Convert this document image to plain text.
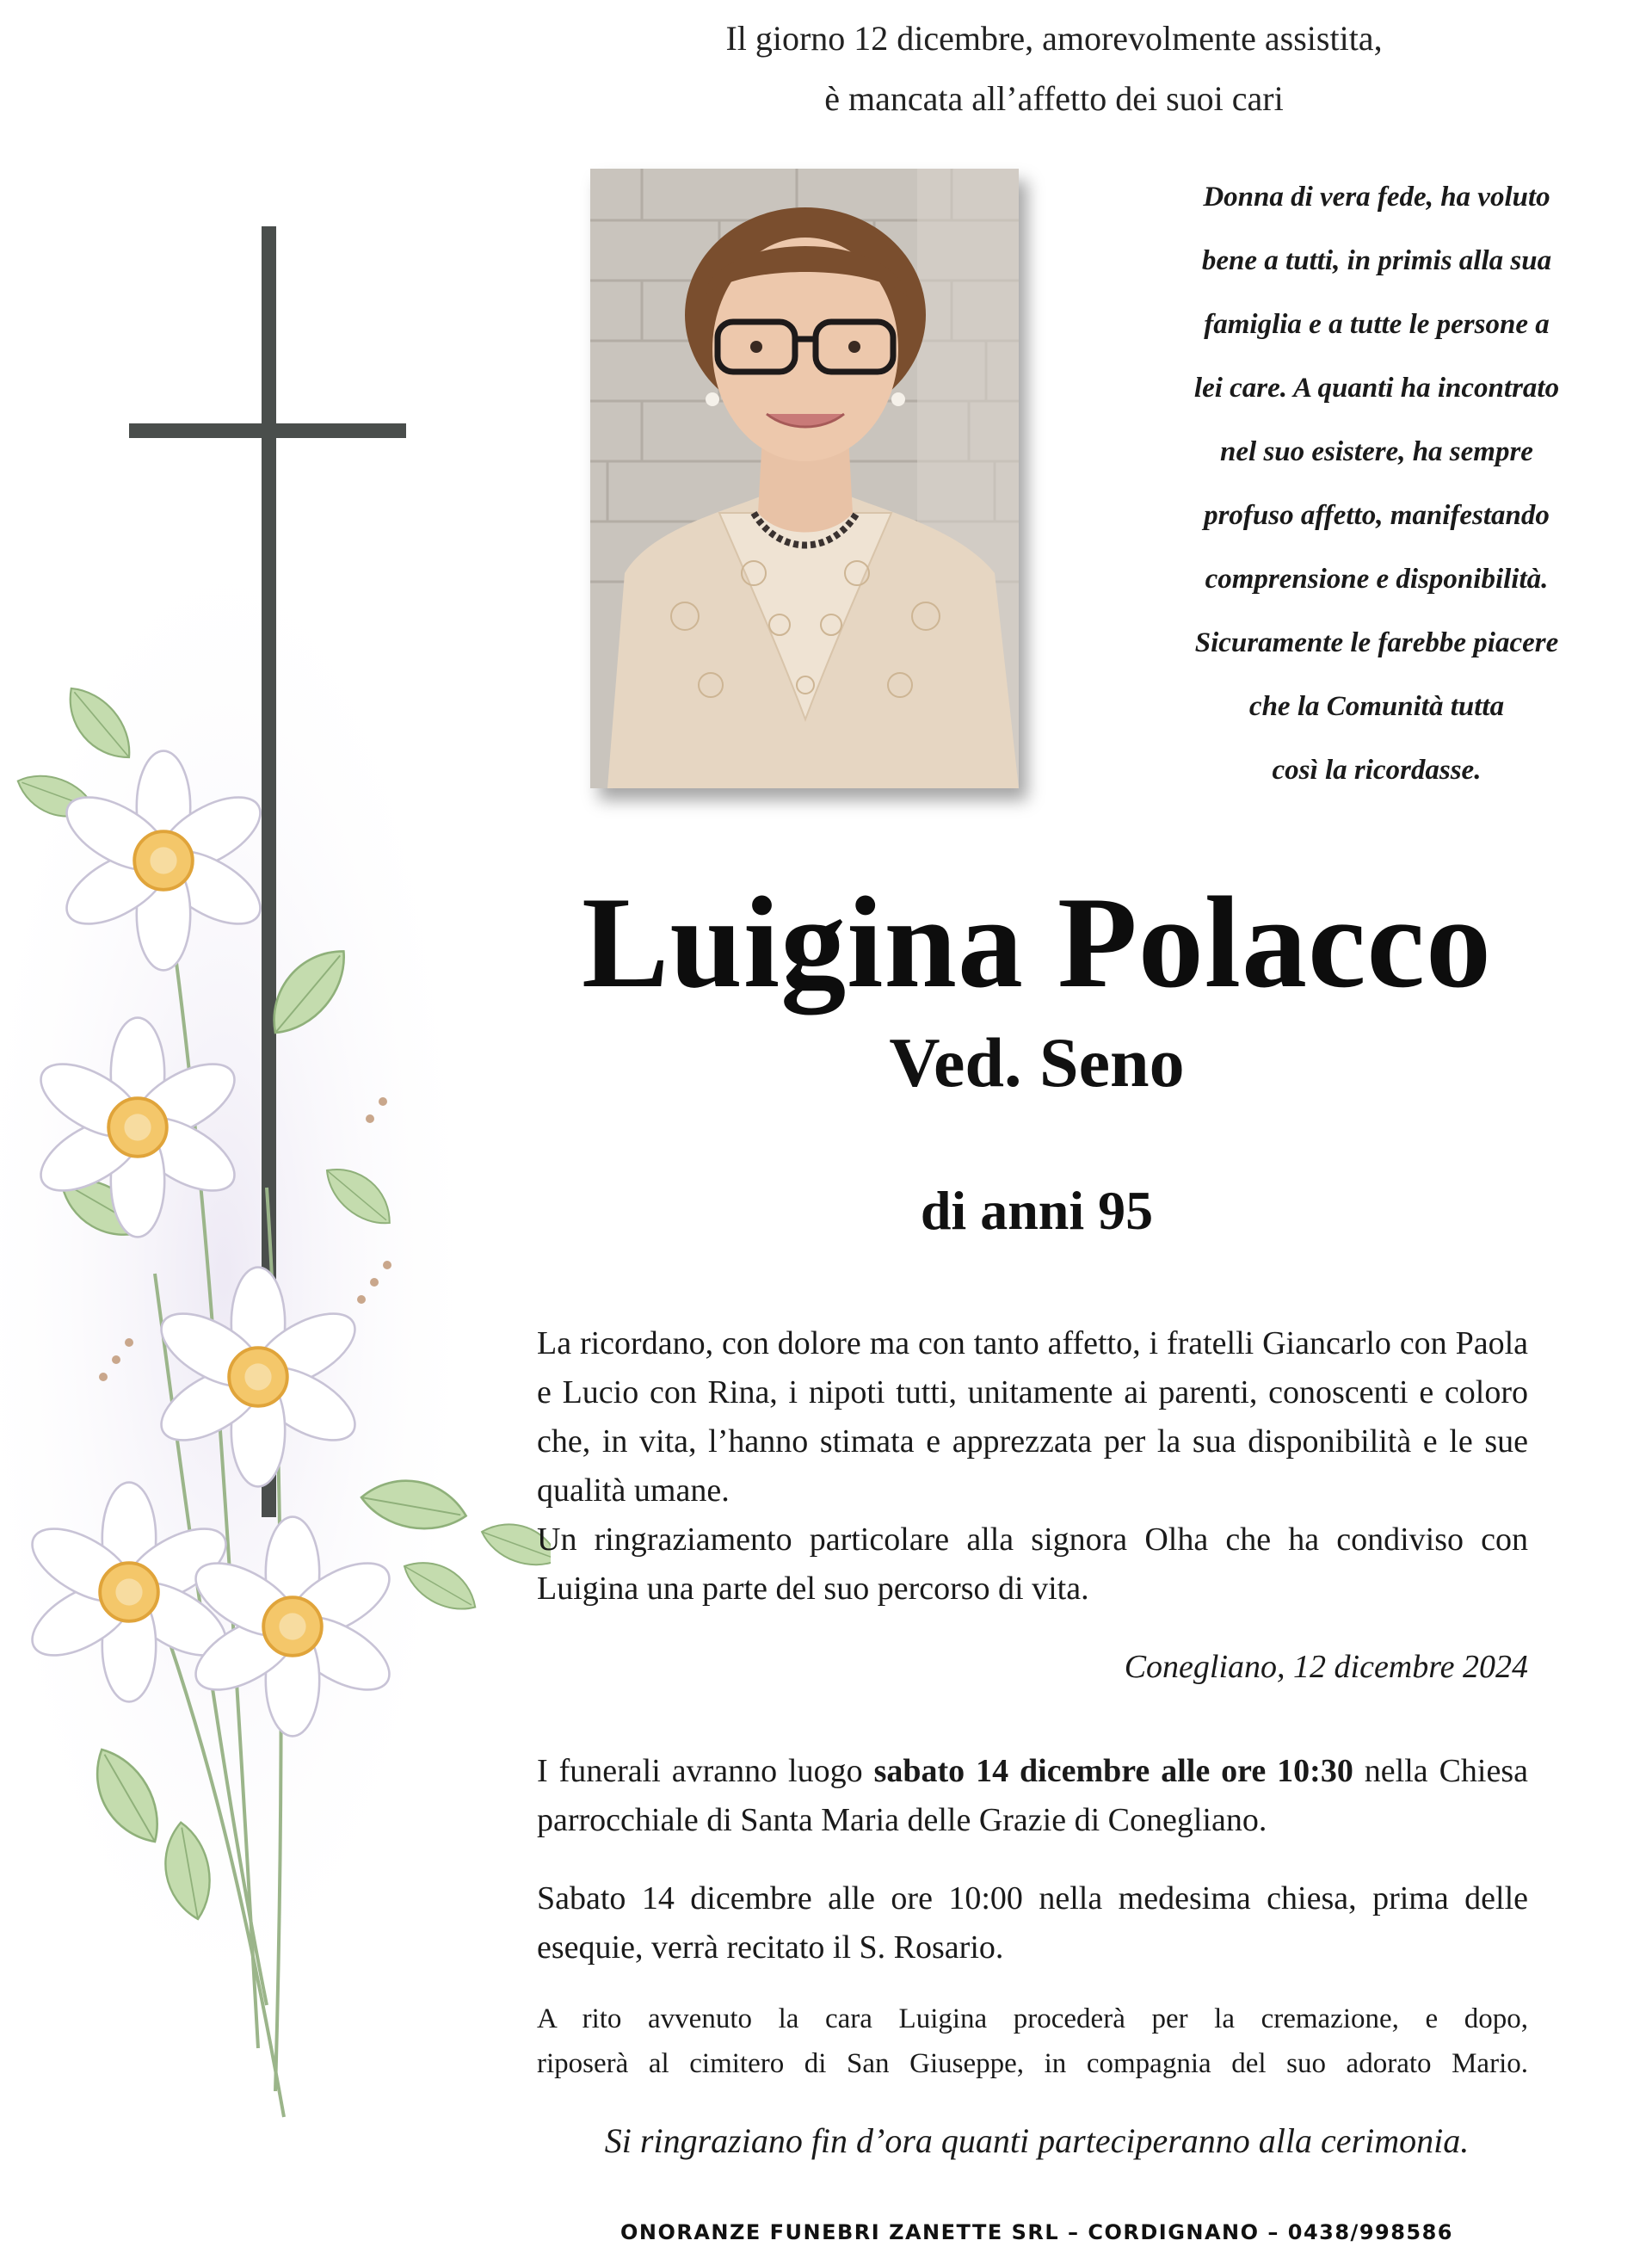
Il giorno 12 dicembre, amorevolmente assistita,
è mancata all’affetto dei suoi cari
Donna di vera fede, ha voluto
bene a tutti, in primis alla sua
famiglia e a tutte le persone a
lei care. A quanti ha incontrato
nel suo esistere, ha sempre
profuso affetto, manifestando
comprensione e disponibilità.
Sicuramente le farebbe piacere
che la Comunità tutta
così la ricordasse.
Luigina Polacco
Ved. Seno
di anni 95
La ricordano, con dolore ma con tanto affetto, i fratelli Giancarlo con Paola e Lucio con Rina, i nipoti tutti, unitamente ai parenti, conoscenti e coloro che, in vita, l’hanno stimata e apprezzata per la sua disponibilità e le sue qualità umane.
Un ringraziamento particolare alla signora Olha che ha condiviso con Luigina una parte del suo percorso di vita.
Conegliano, 12 dicembre 2024
I funerali avranno luogo sabato 14 dicembre alle ore 10:30 nella Chiesa parrocchiale di Santa Maria delle Grazie di Conegliano.
Sabato 14 dicembre alle ore 10:00 nella medesima chiesa, prima delle esequie, verrà recitato il S. Rosario.
A rito avvenuto la cara Luigina procederà per la cremazione, e dopo,
riposerà al cimitero di San Giuseppe, in compagnia del suo adorato Mario.
Si ringraziano fin d’ora quanti parteciperanno alla cerimonia.
ONORANZE FUNEBRI ZANETTE SRL – CORDIGNANO – 0438/998586
